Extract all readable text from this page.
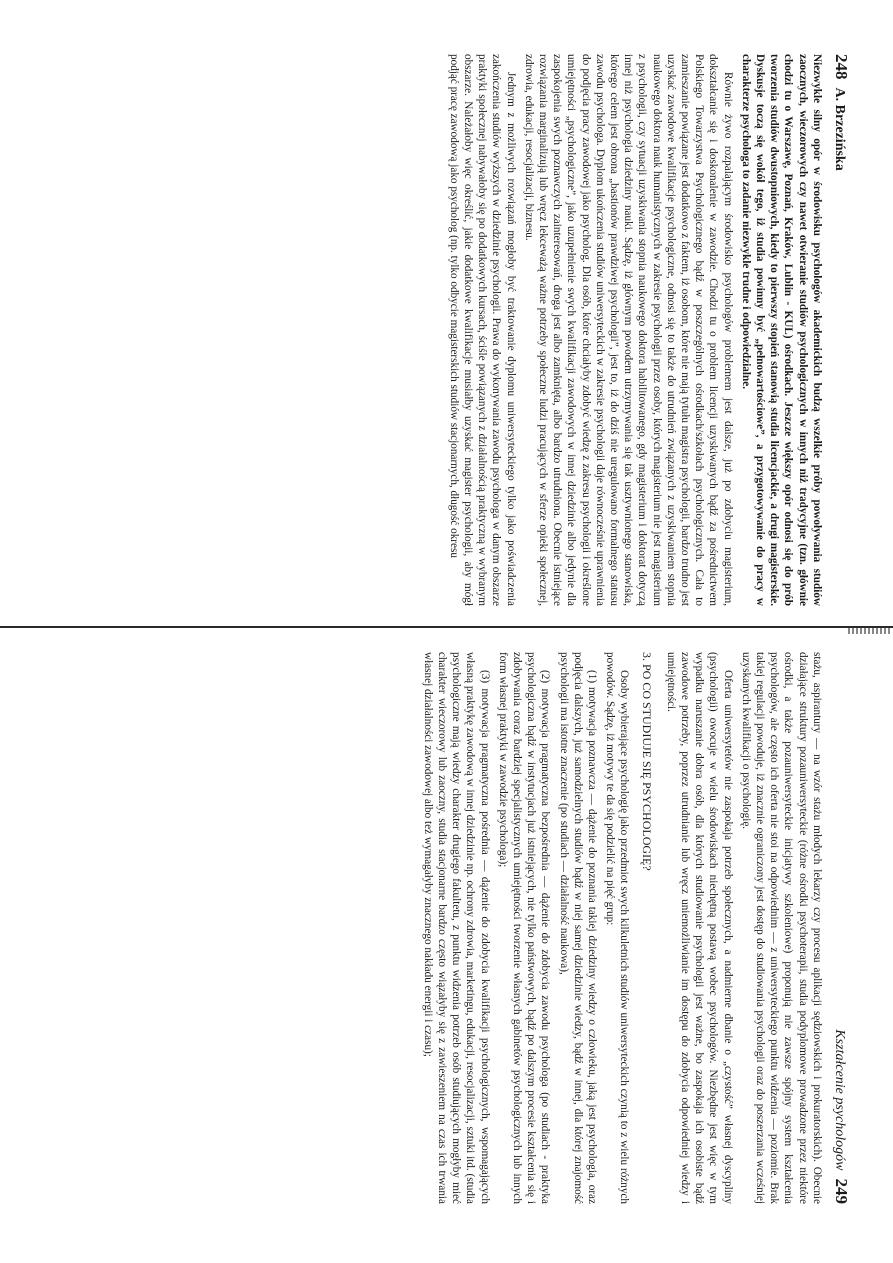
248
A. Brzezińska

Niezwykle silny opór w środowisku psychologów akademickich budzą wszelkie próby powoływania studiów zaocznych, wieczorowych czy nawet otwieranie studiów psychologicznych w innych niż tradycyjne (tzn. głównie chodzi tu o Warszawę, Poznań, Kraków, Lublin - KUL) ośrodkach. Jeszcze większy opór odnosi się do prób tworzenia studiów dwustopniowych, kiedy to pierwszy stopień stanowią studia licencjackie, a drugi magisterskie. Dyskusje toczą się wokół tego, iż studia powinny być „pełnowartościowe”, a przygotowywanie do pracy w charakterze psychologa to zadanie niezwykle trudne i odpowiedzialne.

Równie żywo rozpalającym środowisko psychologów problemem jest dalsze, już po zdobyciu magisterium, dokształcanie się i doskonalenie w zawodzie. Chodzi tu o problem licencji uzyskiwanych bądź za pośrednictwem Polskiego Towarzystwa Psychologicznego bądź w poszczególnych ośrodkach/szkołach psychologicznych. Cała to zamieszanie powiązane jest dodatkowo z faktem, iż osobom, które nie mają tytułu magistra psychologii, bardzo trudno jest uzyskać zawodowe kwalifikacje psychologiczne, odnosi się to także do utrudnień związanych z uzyskiwaniem stopnia naukowego doktora nauk humanistycznych w zakresie psychologii przez osoby, których magisterium nie jest magisterium z psychologii, czy sytuacji uzyskiwania stopnia naukowego doktora habilitowanego, gdy magisterium i doktorat dotyczą innej niż psychologia dziedziny nauki. Sądzę, iż głównym powodem utrzymywania się tak usztywnionego stanowiska, którego celem jest obrona „bastionów prawdziwej psychologii”, jest to, iż do dziś nie uregulowano formalnego statusu zawodu psychologa. Dyplom ukończenia studiów uniwersyteckich w zakresie psychologii daje równocześnie uprawnienia do podjęcia pracy zawodowej jako psycholog. Dla osób, które chciałyby zdobyć wiedzę z zakresu psychologii i określone umiejętności „psychologiczne”, jako uzupełnienie swych kwalifikacji zawodowych w innej dziedzinie albo jedynie dla zaspokojenia swych poznawczych zainteresowań, droga jest albo zamknięta, albo bardzo utrudniona. Obecnie istniejące rozwiązania marginalizują lub wręcz lekceważą ważne potrzeby społeczne ludzi pracujących w sferze opieki społecznej, zdrowia, edukacji, resocjalizacji, biznesu.

Jednym z możliwych rozwiązań mogłoby być traktowanie dyplomu uniwersyteckiego tylko jako poświadczenia zakończenia studiów wyższych w dziedzinie psychologii. Prawa do wykonywania zawodu psychologa w danym obszarze praktyki społecznej nabywałoby się po dodatkowych kursach, ściśle powiązanych z działalnością praktyczną w wybranym obszarze. Należałoby więc określić, jakie dodatkowe kwalifikacje musiałby uzyskać magister psychologii, aby mógł podjąć pracę zawodową jako psycholog (np. tylko odbycie magisterskich studiów stacjonarnych, długość okresu

Kształcenie psychologów
249

stażu, aspirantury — na wzór stażu młodych lekarzy czy procesu aplikacji sędziowskich i prokuratorskich). Obecnie działające struktury pozauniwersyteckie (różne ośrodki psychoterapii, studia podyplomowe prowadzone przez niektóre ośrodki, a także pozauniwersyteckie inicjatywy szkoleniowe) proponują nie zawsze spójny system kształcenia psychologów, ale często ich oferta nie stoi na odpowiednim — z uniwersyteckiego punktu widzenia — poziomie. Brak takiej regulacji powoduje, iż znacznie ograniczony jest dostęp do studiowania psychologii oraz do poszerzania wcześniej uzyskanych kwalifikacji o psychologię.

Oferta uniwersytetów nie zaspokaja potrzeb społecznych, a nadmierne dbanie o „czystość” własnej dyscypliny (psychologii) owocuje w wielu środowiskach niechętną postawą wobec psychologów. Niezbędne jest więc w tym wypadku naruszanie dobra osób, dla których studiowanie psychologii jest ważne, bo zaspokaja ich osobiste bądź zawodowe potrzeby, poprzez utrudnianie lub wręcz uniemożliwianie im dostępu do zdobycia odpowiedniej wiedzy i umiejętności.

3. PO CO STUDIUJE SIĘ PSYCHOLOGIĘ?

Osoby wybierające psychologię jako przedmiot swych kilkuletnich studiów uniwersyteckich czynią to z wielu różnych powodów. Sądzę, iż motywy te da się podzielić na pięć grup:

(1) motywacja poznawcza — dążenie do poznania takiej dziedziny wiedzy o człowieku, jaką jest psychologia, oraz podjęcia dalszych, już samodzielnych studiów bądź w niej samej dziedzinie wiedzy, bądź w innej, dla której znajomość psychologii ma istotne znaczenie (po studiach — działalność naukowa),
(2) motywacja pragmatyczna bezpośrednia — dążenie do zdobycia zawodu psychologa (po studiach - praktyka psychologiczna bądź w instytucjach już istniejących, nie tylko państwowych, bądź po dalszym procesie kształcenia się i zdobywania coraz bardziej specjalistycznych umiejętności tworzenie własnych gabinetów psychologicznych lub innych form własnej praktyki w zawodzie psychologa);
(3) motywacja pragmatyczna pośrednia — dążenie do zdobycia kwalifikacji psychologicznych, wspomagających własną praktykę zawodową w innej dziedzinie np. ochrony zdrowia, marketingu, edukacji, resocjalizacji, sztuki itd. (studia psychologiczne mają wiedzy charakter drugiego fakultetu, z punktu widzenia potrzeb osób studiujących mogłyby mieć charakter wieczorowy lub zaoczny, studia stacjonarne bardzo często wiązałyby się z zawieszeniem na czas ich trwania własnej działalności zawodowej albo też wymagałyby znacznego nakładu energii i czasu);
